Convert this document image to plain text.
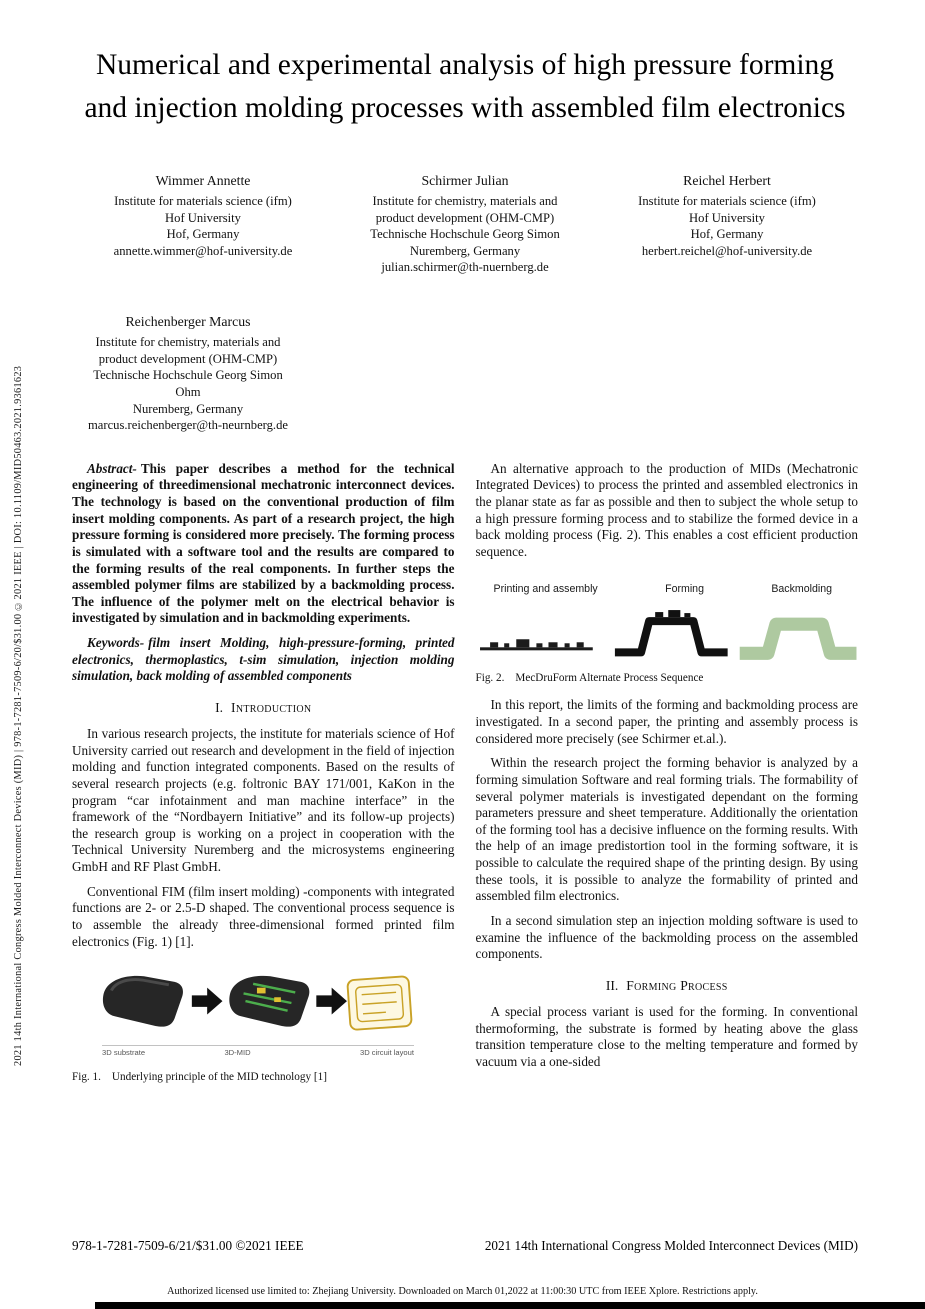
2021 14th International Congress Molded Interconnect Devices (MID) | 978-1-7281-7509-6/20/$31.00 ©2021 IEEE | DOI: 10.1109/MID50463.2021.9361623
Numerical and experimental analysis of high pressure forming and injection molding processes with assembled film electronics
Wimmer Annette
Institute for materials science (ifm)
Hof University
Hof, Germany
annette.wimmer@hof-university.de
Schirmer Julian
Institute for chemistry, materials and
product development (OHM-CMP)
Technische Hochschule Georg Simon
Nuremberg, Germany
julian.schirmer@th-nuernberg.de
Reichel Herbert
Institute for materials science (ifm)
Hof University
Hof, Germany
herbert.reichel@hof-university.de
Reichenberger Marcus
Institute for chemistry, materials and
product development (OHM-CMP)
Technische Hochschule Georg Simon
Ohm
Nuremberg, Germany
marcus.reichenberger@th-neurnberg.de

Abstract- This paper describes a method for the technical engineering of threedimensional mechatronic interconnect devices. The technology is based on the conventional production of film insert molding components. As part of a research project, the high pressure forming is considered more precisely. The forming process is simulated with a software tool and the results are compared to the forming results of the real components. In further steps the assembled polymer films are stabilized by a backmolding process. The influence of the polymer melt on the electrical behavior is investigated by simulation and in backmolding experiments.

Keywords- film insert Molding, high-pressure-forming, printed electronics, thermoplastics, t-sim simulation, injection molding simulation, back molding of assembled components

I. Introduction

In various research projects, the institute for materials science of Hof University carried out research and development in the field of injection molding and function integrated components. Based on the results of several research projects (e.g. foltronic BAY 171/001, KaKon in the program “car infotainment and man machine interface” in the framework of the “Nordbayern Initiative” and its follow-up projects) the research group is working on a project in cooperation with the Technical University Nuremberg and the microsystems engineering GmbH and RF Plast GmbH.

Conventional FIM (film insert molding) -components with integrated functions are 2- or 2.5-D shaped. The conventional process sequence is to assemble the already three-dimensional formed printed film electronics (Fig. 1) [1].

3D substrate	3D-MID	3D circuit layout
Fig. 1. Underlying principle of the MID technology [1]

An alternative approach to the production of MIDs (Mechatronic Integrated Devices) to process the printed and assembled electronics in the planar state as far as possible and then to subject the whole setup to a high pressure forming process and to stabilize the formed device in a back molding process (Fig. 2). This enables a cost efficient production sequence.

Printing and assembly	Forming	Backmolding
Fig. 2. MecDruForm Alternate Process Sequence

In this report, the limits of the forming and backmolding process are investigated. In a second paper, the printing and assembly process is considered more precisely (see Schirmer et.al.).

Within the research project the forming behavior is analyzed by a forming simulation Software and real forming trials. The formability of several polymer materials is investigated dependant on the forming parameters pressure and sheet temperature. Additionally the orientation of the forming tool has a decisive influence on the forming results. With the help of an image predistortion tool in the forming software, it is possible to calculate the required shape of the printing design. By using these tools, it is possible to analyze the formability of printed and assembled film electronics.

In a second simulation step an injection molding software is used to examine the influence of the backmolding process on the assembled components.

II. Forming Process

A special process variant is used for the forming. In conventional thermoforming, the substrate is formed by heating above the glass transition temperature close to the melting temperature and formed by vacuum via a one-sided

978-1-7281-7509-6/21/$31.00 ©2021 IEEE	2021 14th International Congress Molded Interconnect Devices (MID)
Authorized licensed use limited to: Zhejiang University. Downloaded on March 01,2022 at 11:00:30 UTC from IEEE Xplore. Restrictions apply.
